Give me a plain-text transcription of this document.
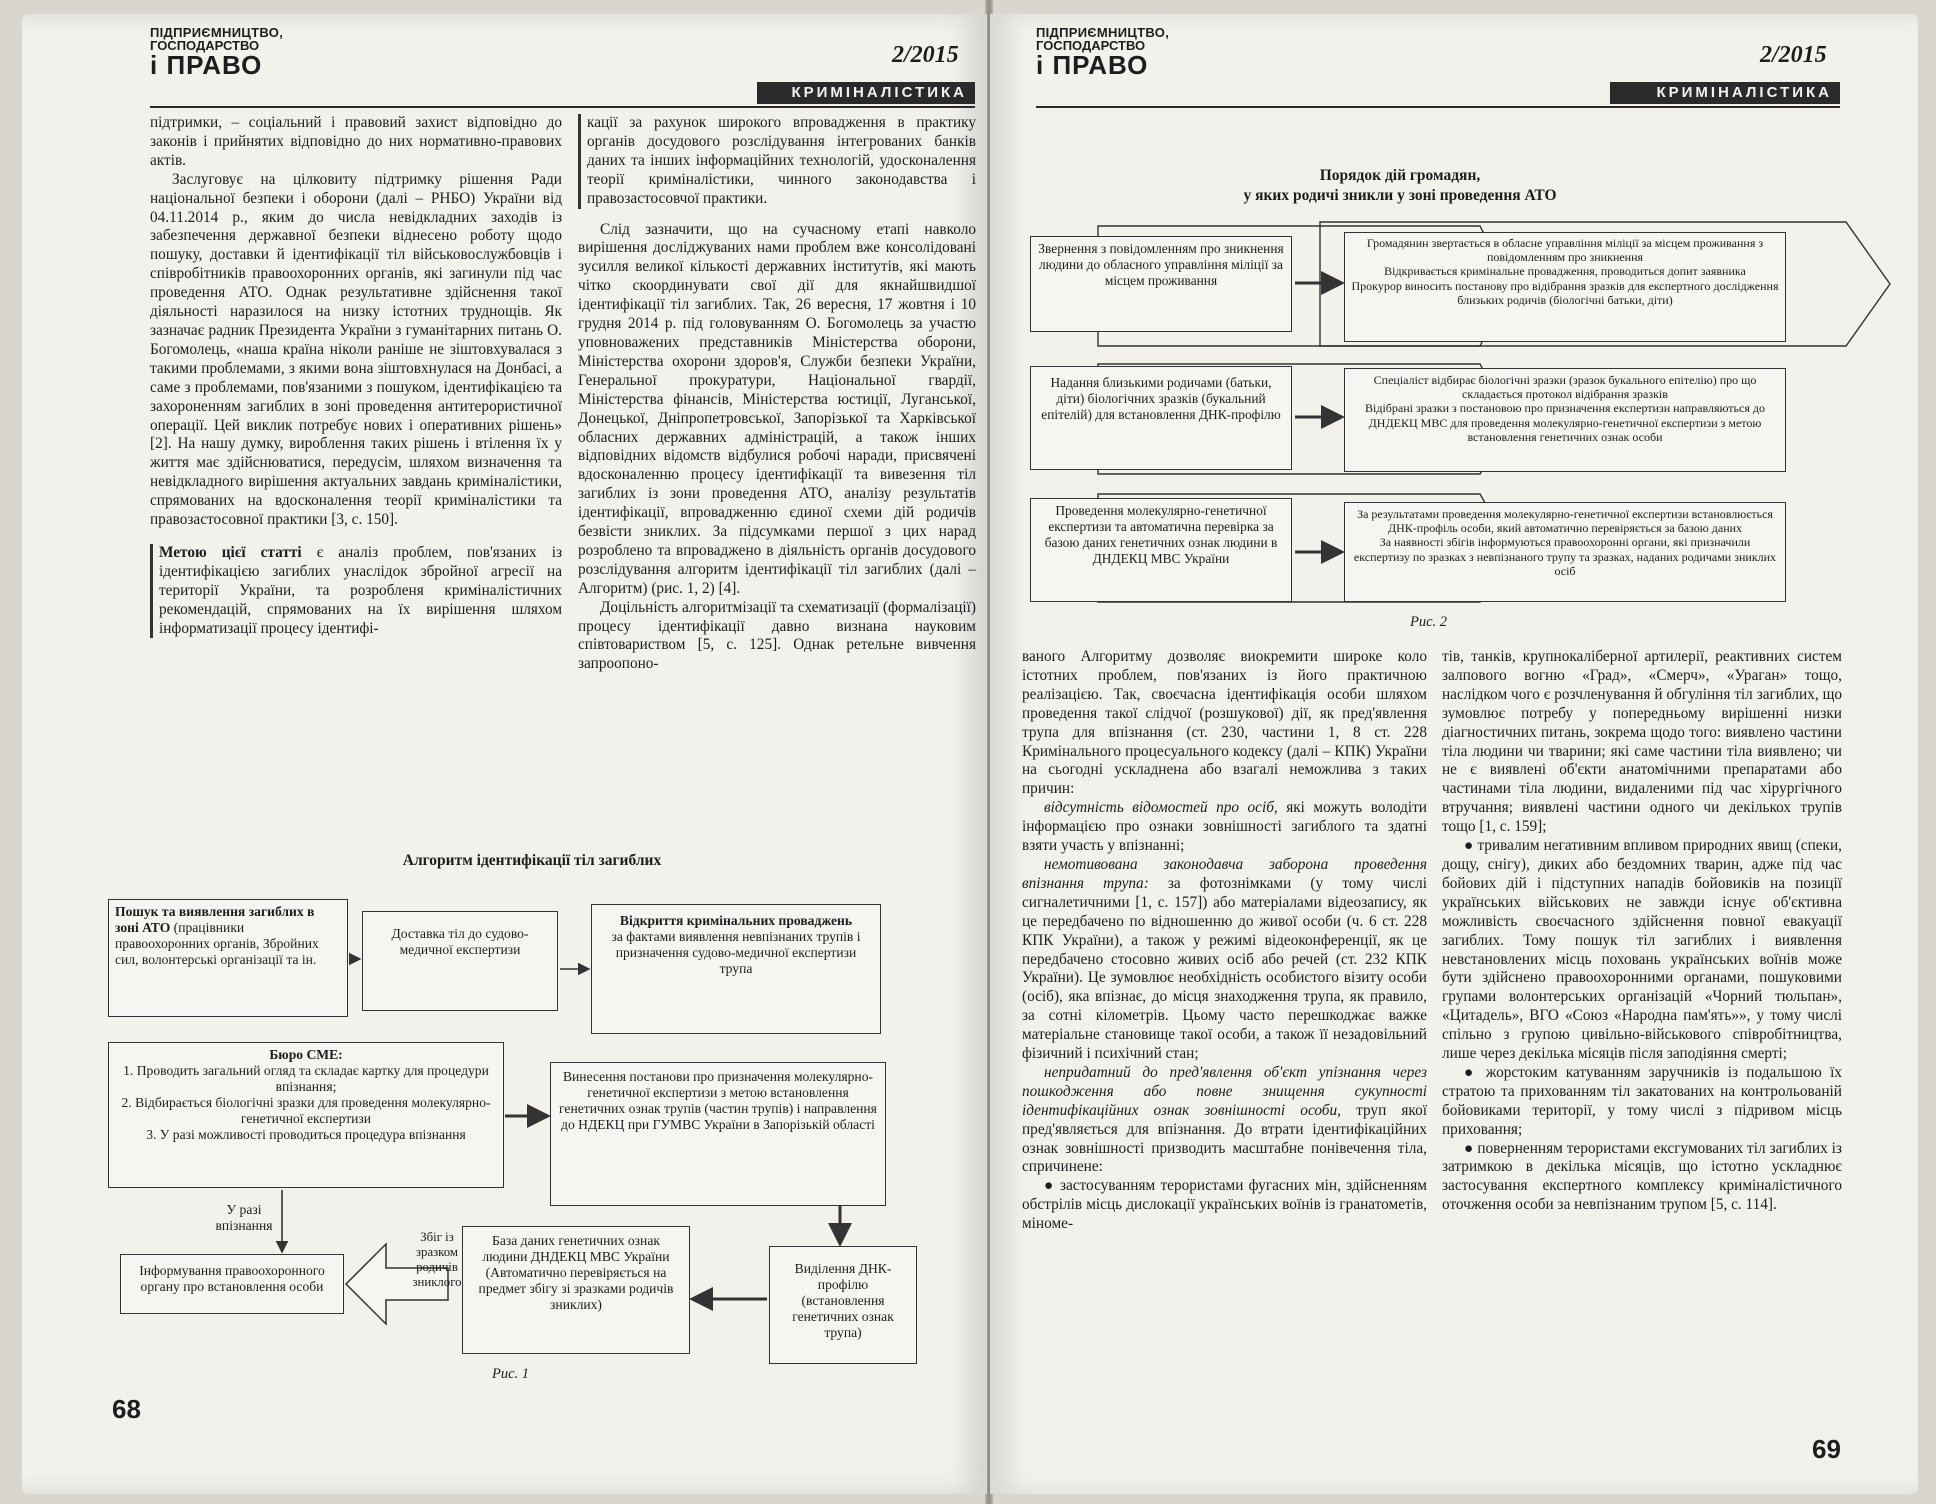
ПІДПРИЄМНИЦТВО,
ГОСПОДАРСТВО
і ПРАВО	2/2015
КРИМІНАЛІСТИКА

підтримки, – соціальний і правовий захист відповідно до законів і прийнятих відповідно до них нормативно-правових актів.

Заслуговує на цілковиту підтримку рішення Ради національної безпеки і оборони (далі – РНБО) України від 04.11.2014 р., яким до числа невідкладних заходів із забезпечення державної безпеки віднесено роботу щодо пошуку, доставки й ідентифікації тіл військовослужбовців і співробітників правоохоронних органів, які загинули під час проведення АТО. Однак результативне здійснення такої діяльності наразилося на низку істотних труднощів. Як зазначає радник Президента України з гуманітарних питань О. Богомолець, «наша країна ніколи раніше не зіштовхувалася з такими проблемами, з якими вона зіштовхнулася на Донбасі, а саме з проблемами, пов'язаними з пошуком, ідентифікацією та захороненням загиблих в зоні проведення антитерористичної операції. Цей виклик потребує нових і оперативних рішень» [2]. На нашу думку, вироблення таких рішень і втілення їх у життя має здійснюватися, передусім, шляхом визначення та невідкладного вирішення актуальних завдань криміналістики, спрямованих на вдосконалення теорії криміналістики та правозастосовної практики [3, с. 150].

Метою цієї статті є аналіз проблем, пов'язаних із ідентифікацією загиблих унаслідок збройної агресії на території України, та розробленя криміналістичних рекомендацій, спрямованих на їх вирішення шляхом інформатизації процесу ідентифі-

кації за рахунок широкого впровадження в практику органів досудового розслідування інтегрованих банків даних та інших інформаційних технологій, удосконалення теорії криміналістики, чинного законодавства і правозастосовчої практики.

Слід зазначити, що на сучасному етапі навколо вирішення досліджуваних нами проблем вже консолідовані зусилля великої кількості державних інститутів, які мають чітко скоординувати свої дії для якнайшвидшої ідентифікації тіл загиблих. Так, 26 вересня, 17 жовтня і 10 грудня 2014 р. під головуванням О. Богомолець за участю уповноважених представників Міністерства оборони, Міністерства охорони здоров'я, Служби безпеки України, Генеральної прокуратури, Національної гвардії, Міністерства фінансів, Міністерства юстиції, Луганської, Донецької, Дніпропетровської, Запорізької та Харківської обласних державних адміністрацій, а також інших відповідних відомств відбулися робочі наради, присвячені вдосконаленню процесу ідентифікації та вивезення тіл загиблих із зони проведення АТО, аналізу результатів ідентифікації, впровадженню єдиної схеми дій родичів безвісти зниклих. За підсумками першої з цих нарад розроблено та впроваджено в діяльність органів досудового розслідування алгоритм ідентифікації тіл загиблих (далі – Алгоритм) (рис. 1, 2) [4].

Доцільність алгоритмізації та схематизації (формалізації) процесу ідентифікації давно визнана науковим співтовариством [5, с. 125]. Однак ретельне вивчення запроопоно-

Алгоритм ідентифікації тіл загиблих
Пошук та виявлення загиблих в зоні АТО (працівники правоохоронних органів, Збройних сил, волонтерські організації та ін.
Доставка тіл до судово-медичної експертизи
Відкриття кримінальних проваджень
за фактами виявлення невпізнаних трупів і призначення судово-медичної експертизи трупа
Бюро СМЕ:
1. Проводить загальний огляд та складає картку для процедури впізнання;
2. Відбирається біологічні зразки для проведення молекулярно-генетичної експертизи
3. У разі можливості проводиться процедура впізнання
Винесення постанови про призначення молекулярно-генетичної експертизи з метою встановлення генетичних ознак трупів (частин трупів) і направлення до НДЕКЦ при ГУМВС України в Запорізькій області
У разі впізнання
Інформування правоохоронного органу про встановлення особи
Збіг із зразком родичів зниклого
База даних генетичних ознак людини ДНДЕКЦ МВС України (Автоматично перевіряється на предмет збігу зі зразками родичів зниклих)
Виділення ДНК-профілю (встановлення генетичних ознак трупа)
Рис. 1
68
ПІДПРИЄМНИЦТВО,
ГОСПОДАРСТВО
і ПРАВО	2/2015
КРИМІНАЛІСТИКА
Порядок дій громадян,
у яких родичі зникли у зоні проведення АТО
Звернення з повідомленням про зникнення людини до обласного управління міліції за місцем проживання
Надання близькими родичами (батьки, діти) біологічних зразків (букальний епітелій) для встановлення ДНК-профілю
Проведення молекулярно-генетичної експертизи та автоматична перевірка за базою даних генетичних ознак людини в ДНДЕКЦ МВС України
Громадянин звертається в обласне управління міліції за місцем проживання з повідомленням про зникнення
Відкривається кримінальне провадження, проводиться допит заявника
Прокурор виносить постанову про відібрання зразків для експертного дослідження близьких родичів (біологічні батьки, діти)
Спеціаліст відбирає біологічні зразки (зразок букального епітелію) про що складається протокол відібрання зразків
Відібрані зразки з постановою про призначення експертизи направляються до ДНДЕКЦ МВС для проведення молекулярно-генетичної експертизи з метою встановлення генетичних ознак особи
За результатами проведення молекулярно-генетичної експертизи встановлюється ДНК-профіль особи, який автоматично перевіряється за базою даних
За наявності збігів інформуються правоохоронні органи, які призначили експертизу по зразках з невпізнаного трупу та зразках, наданих родичами зниклих осіб
Рис. 2

ваного Алгоритму дозволяє виокремити широке коло істотних проблем, пов'язаних із його практичною реалізацією. Так, своєчасна ідентифікація особи шляхом проведення такої слідчої (розшукової) дії, як пред'явлення трупа для впізнання (ст. 230, частини 1, 8 ст. 228 Кримінального процесуального кодексу (далі – КПК) України на сьогодні ускладнена або взагалі неможлива з таких причин:

відсутність відомостей про осіб, які можуть володіти інформацією про ознаки зовнішності загиблого та здатні взяти участь у впізнанні;

немотивована законодавча заборона проведення впізнання трупа: за фотознімками (у тому числі сигналетичними [1, с. 157]) або матеріалами відеозапису, як це передбачено по відношенню до живої особи (ч. 6 ст. 228 КПК України), а також у режимі відеоконференції, як це передбачено стосовно живих осіб або речей (ст. 232 КПК України). Це зумовлює необхідність особистого візиту особи (осіб), яка впізнає, до місця знаходження трупа, як правило, за сотні кілометрів. Цьому часто перешкоджає важке матеріальне становище такої особи, а також її незадовільний фізичний і психічний стан;

непридатний до пред'явлення об'єкт упізнання через пошкодження або повне знищення сукупності ідентифікаційних ознак зовнішності особи, труп якої пред'являється для впізнання. До втрати ідентифікаційних ознак зовнішності призводить масштабне понівечення тіла, спричинене:

● застосуванням терористами фугасних мін, здійсненням обстрілів місць дислокації українських воїнів із гранатометів, міноме-

тів, танків, крупнокаліберної артилерії, реактивних систем залпового вогню «Град», «Смерч», «Ураган» тощо, наслідком чого є розчленування й обгуління тіл загиблих, що зумовлює потребу у попередньому вирішенні низки діагностичних питань, зокрема щодо того: виявлено частини тіла людини чи тварини; які саме частини тіла виявлено; чи не є виявлені об'єкти анатомічними препаратами або частинами тіла людини, видаленими під час хірургічного втручання; виявлені частини одного чи декількох трупів тощо [1, с. 159];

● тривалим негативним впливом природних явищ (спеки, дощу, снігу), диких або бездомних тварин, адже під час бойових дій і підступних нападів бойовиків на позиції українських військових не завжди існує об'єктивна можливість своєчасного здійснення повної евакуації загиблих. Тому пошук тіл загиблих і виявлення невстановлених місць поховань українських воїнів може бути здійснено правоохоронними органами, пошуковими групами волонтерських організацій «Чорний тюльпан», «Цитадель», ВГО «Союз «Народна пам'ять»», у тому числі спільно з групою цивільно-військового співробітництва, лише через декілька місяців після заподіяння смерті;

● жорстоким катуванням заручників із подальшою їх стратою та прихованням тіл закатованих на контрольованій бойовиками території, у тому числі з підривом місць приховання;

● поверненням терористами ексгумованих тіл загиблих із затримкою в декілька місяців, що істотно ускладнює застосування експертного комплексу криміналістичного оточження особи за невпізнаним трупом [5, с. 114].

69
